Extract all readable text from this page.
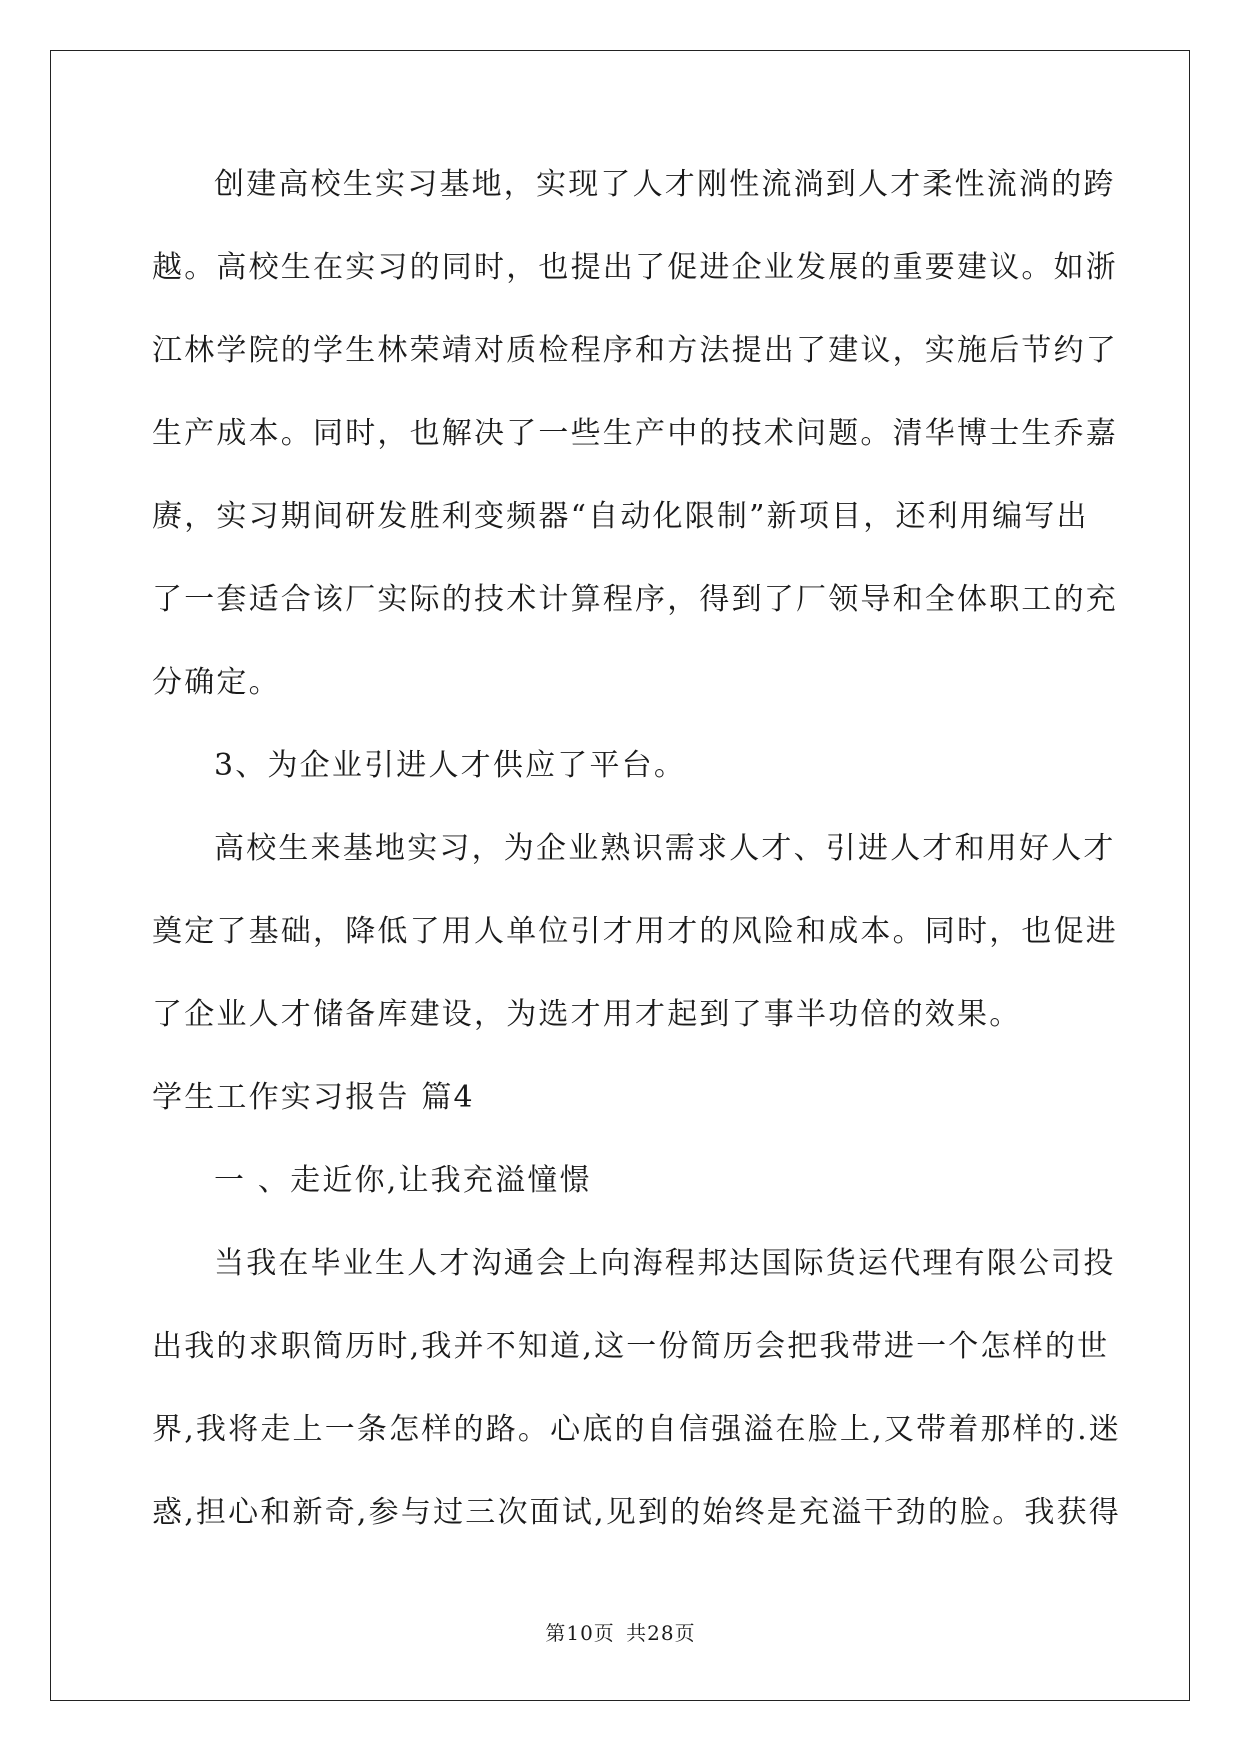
创建高校生实习基地，实现了人才刚性流淌到人才柔性流淌的跨
越。高校生在实习的同时，也提出了促进企业发展的重要建议。如浙
江林学院的学生林荣靖对质检程序和方法提出了建议，实施后节约了
生产成本。同时，也解决了一些生产中的技术问题。清华博士生乔嘉
赓，实习期间研发胜利变频器“自动化限制”新项目，还利用编写出
了一套适合该厂实际的技术计算程序，得到了厂领导和全体职工的充
分确定。
3、为企业引进人才供应了平台。
高校生来基地实习，为企业熟识需求人才、引进人才和用好人才
奠定了基础，降低了用人单位引才用才的风险和成本。同时，也促进
了企业人才储备库建设，为选才用才起到了事半功倍的效果。
学生工作实习报告 篇4
一 、走近你,让我充溢憧憬
当我在毕业生人才沟通会上向海程邦达国际货运代理有限公司投
出我的求职简历时,我并不知道,这一份简历会把我带进一个怎样的世
界,我将走上一条怎样的路。心底的自信强溢在脸上,又带着那样的.迷
惑,担心和新奇,参与过三次面试,见到的始终是充溢干劲的脸。我获得
第10页 共28页
